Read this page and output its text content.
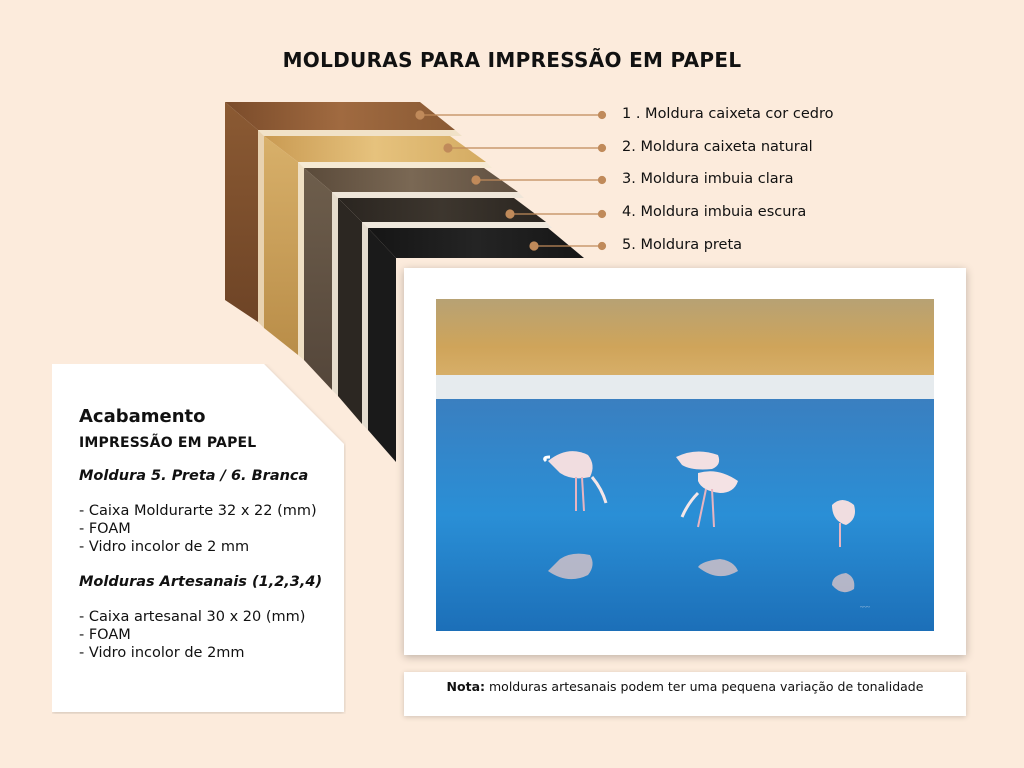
MOLDURAS PARA IMPRESSÃO EM PAPEL
1 . Moldura caixeta cor cedro
2. Moldura caixeta natural
3. Moldura imbuia clara
4. Moldura imbuia escura
5. Moldura preta
~~~
Nota: molduras artesanais podem ter uma pequena variação de tonalidade
Acabamento
IMPRESSÃO EM PAPEL
Moldura 5. Preta / 6. Branca
- Caixa Moldurarte 32 x 22 (mm)
- FOAM
- Vidro incolor de 2 mm
Molduras Artesanais (1,2,3,4)
- Caixa artesanal 30 x 20 (mm)
- FOAM
- Vidro incolor de 2mm
